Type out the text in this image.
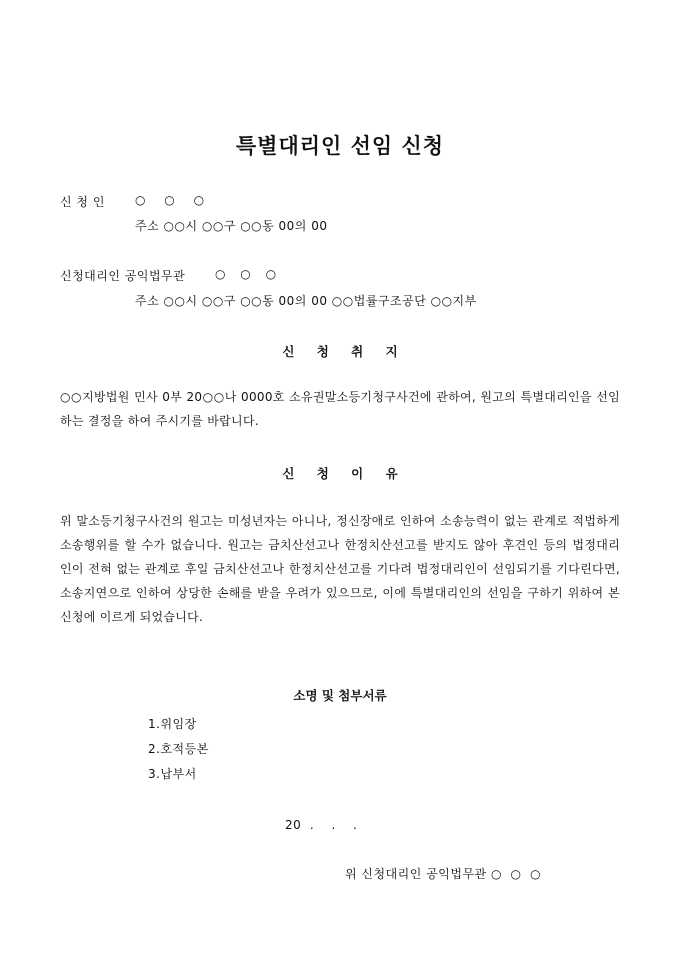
특별대리인 선임 신청
신 청 인	○ ○ ○
주소 ○○시 ○○구 ○○동 00의 00
신청대리인 공익법무관 ○ ○ ○
주소 ○○시 ○○구 ○○동 00의 00 ○○법률구조공단 ○○지부
신 청 취 지
○○지방법원 민사 0부 20○○나 0000호 소유권말소등기청구사건에 관하여, 원고의 특별대리인을 선임하는 결정을 하여 주시기를 바랍니다.
신 청 이 유
위 말소등기청구사건의 원고는 미성년자는 아니나, 정신장애로 인하여 소송능력이 없는 관계로 적법하게 소송행위를 할 수가 없습니다. 원고는 금치산선고나 한정치산선고를 받지도 않아 후견인 등의 법정대리인이 전혀 없는 관계로 후일 금치산선고나 한정치산선고를 기다려 법정대리인이 선임되기를 기다린다면, 소송지연으로 인하여 상당한 손해를 받을 우려가 있으므로, 이에 특별대리인의 선임을 구하기 위하여 본 신청에 이르게 되었습니다.
소명 및 첨부서류
1.위임장
2.호적등본
3.납부서
20  .    .    .
위 신청대리인 공익법무관 ○  ○  ○
